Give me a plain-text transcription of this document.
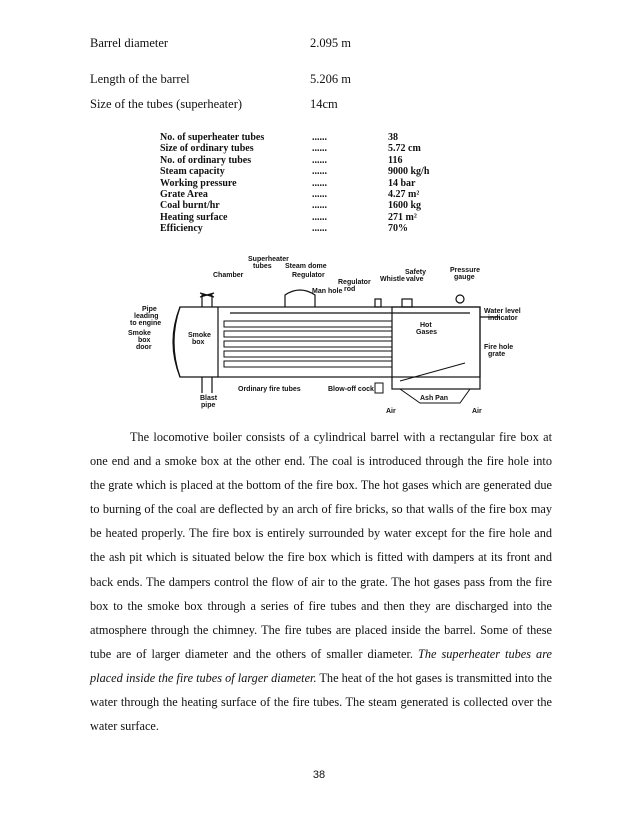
Barrel diameter	2.095 m
Length of the barrel	5.206 m
Size of the tubes (superheater)	14cm
No. of superheater tubes	......	38
Size of ordinary tubes	......	5.72 cm
No. of ordinary tubes	......	116
Steam capacity	......	9000 kg/h
Working pressure	......	14 bar
Grate Area	......	4.27 m²
Coal burnt/hr	......	1600 kg
Heating surface	......	271 m²
Efficiency	......	70%
Superheater
tubes Steam dome
Chamber	Regulator
Regulator
rod
Whistle
Safety
valve
Pressure
gauge
Man hole
Water level
indicator
Pipe
leading
to engine
Smoke
box
door
Smoke
box
Hot
Gases
Fire hole
grate
Blast
pipe
Ordinary fire tubes	Blow-off cock
Ash Pan
Air	Air

The locomotive boiler consists of a cylindrical barrel with a rectangular fire box at one end and a smoke box at the other end. The coal is introduced through the fire hole into the grate which is placed at the bottom of the fire box. The hot gases which are generated due to burning of the coal are deflected by an arch of fire bricks, so that walls of the fire box may be heated properly. The fire box is entirely surrounded by water except for the fire hole and the ash pit which is situated below the fire box which is fitted with dampers at its front and back ends. The dampers control the flow of air to the grate. The hot gases pass from the fire box to the smoke box through a series of fire tubes and then they are discharged into the atmosphere through the chimney. The fire tubes are placed inside the barrel. Some of these tube are of larger diameter and the others of smaller diameter. The superheater tubes are placed inside the fire tubes of larger diameter. The heat of the hot gases is transmitted into the water through the heating surface of the fire tubes. The steam generated is collected over the water surface.

38
